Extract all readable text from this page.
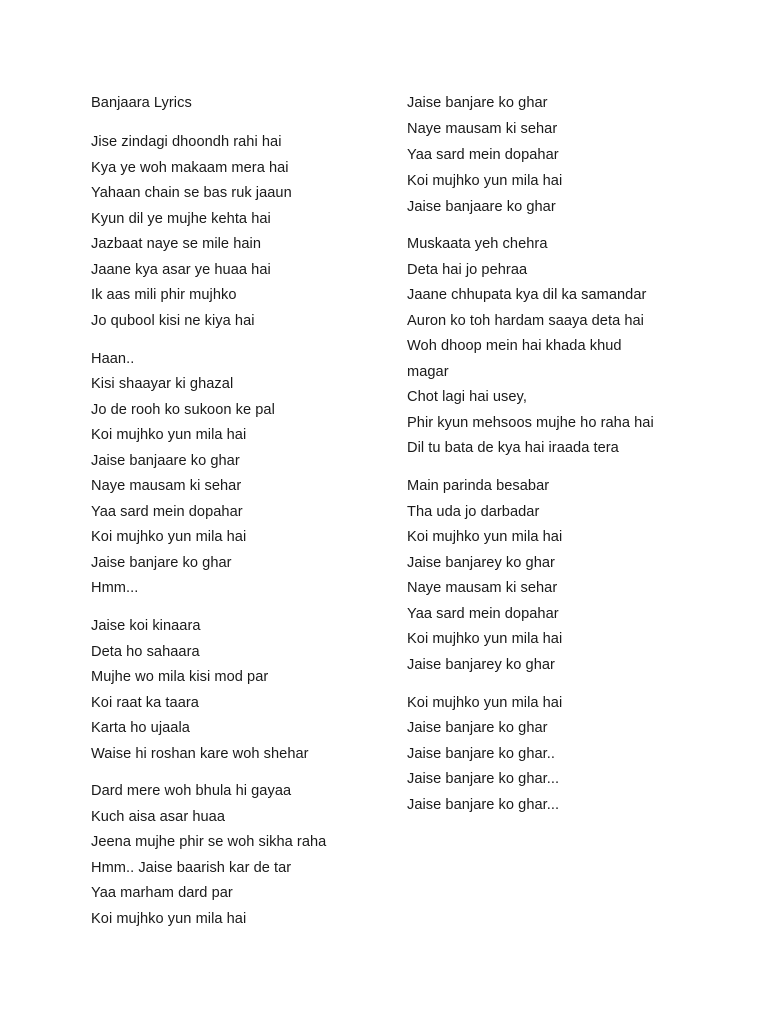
Banjaara Lyrics
Jise zindagi dhoondh rahi hai
Kya ye woh makaam mera hai
Yahaan chain se bas ruk jaaun
Kyun dil ye mujhe kehta hai
Jazbaat naye se mile hain
Jaane kya asar ye huaa hai
Ik aas mili phir mujhko
Jo qubool kisi ne kiya hai
Haan..
Kisi shaayar ki ghazal
Jo de rooh ko sukoon ke pal
Koi mujhko yun mila hai
Jaise banjaare ko ghar
Naye mausam ki sehar
Yaa sard mein dopahar
Koi mujhko yun mila hai
Jaise banjare ko ghar
Hmm...
Jaise koi kinaara
Deta ho sahaara
Mujhe wo mila kisi mod par
Koi raat ka taara
Karta ho ujaala
Waise hi roshan kare woh shehar
Dard mere woh bhula hi gayaa
Kuch aisa asar huaa
Jeena mujhe phir se woh sikha raha
Hmm.. Jaise baarish kar de tar
Yaa marham dard par
Koi mujhko yun mila hai
Jaise banjare ko ghar
Naye mausam ki sehar
Yaa sard mein dopahar
Koi mujhko yun mila hai
Jaise banjaare ko ghar
Muskaata yeh chehra
Deta hai jo pehraa
Jaane chhupata kya dil ka samandar
Auron ko toh hardam saaya deta hai
Woh dhoop mein hai khada khud
magar
Chot lagi hai usey,
Phir kyun mehsoos mujhe ho raha hai
Dil tu bata de kya hai iraada tera
Main parinda besabar
Tha uda jo darbadar
Koi mujhko yun mila hai
Jaise banjarey ko ghar
Naye mausam ki sehar
Yaa sard mein dopahar
Koi mujhko yun mila hai
Jaise banjarey ko ghar
Koi mujhko yun mila hai
Jaise banjare ko ghar
Jaise banjare ko ghar..
Jaise banjare ko ghar...
Jaise banjare ko ghar...
